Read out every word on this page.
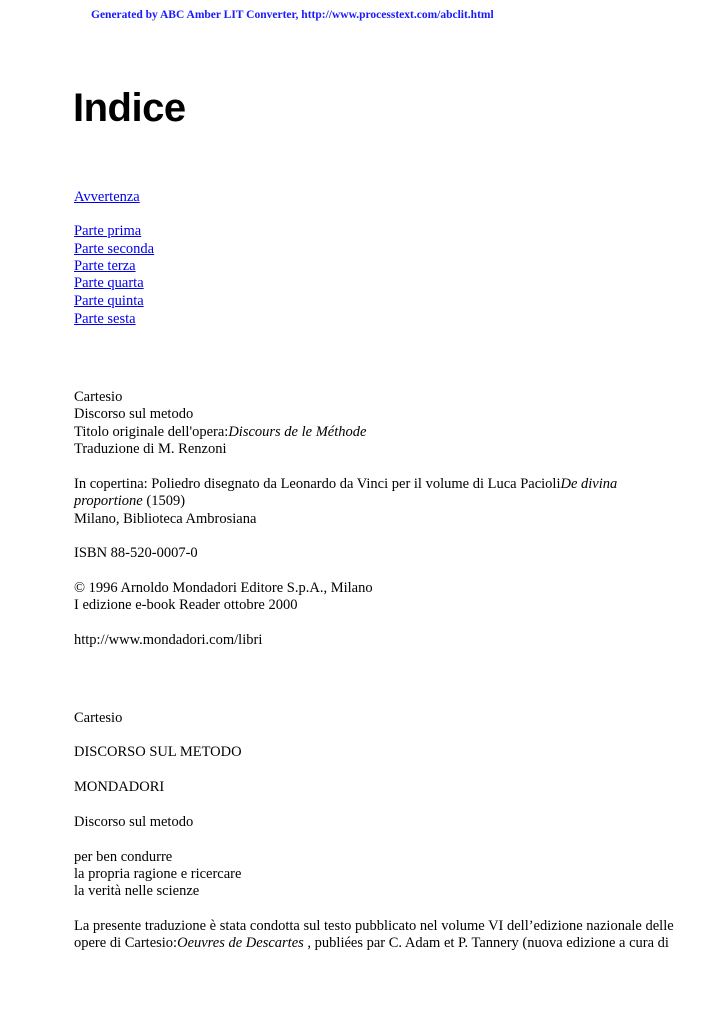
Generated by ABC Amber LIT Converter, http://www.processtext.com/abclit.html
Indice
Avvertenza
Parte prima
Parte seconda
Parte terza
Parte quarta
Parte quinta
Parte sesta
Cartesio
Discorso sul metodo
Titolo originale dell'opera:Discours de le Méthode
Traduzione di M. Renzoni
In copertina: Poliedro disegnato da Leonardo da Vinci per il volume di Luca PacioliDe divina
proportione (1509)
Milano, Biblioteca Ambrosiana
ISBN 88-520-0007-0
© 1996 Arnoldo Mondadori Editore S.p.A., Milano
I edizione e-book Reader ottobre 2000
http://www.mondadori.com/libri
Cartesio
DISCORSO SUL METODO
MONDADORI
Discorso sul metodo
per ben condurre
la propria ragione e ricercare
la verità nelle scienze
La presente traduzione è stata condotta sul testo pubblicato nel volume VI dell’edizione nazionale delle
opere di Cartesio:Oeuvres de Descartes , publiées par C. Adam et P. Tannery (nuova edizione a cura di
